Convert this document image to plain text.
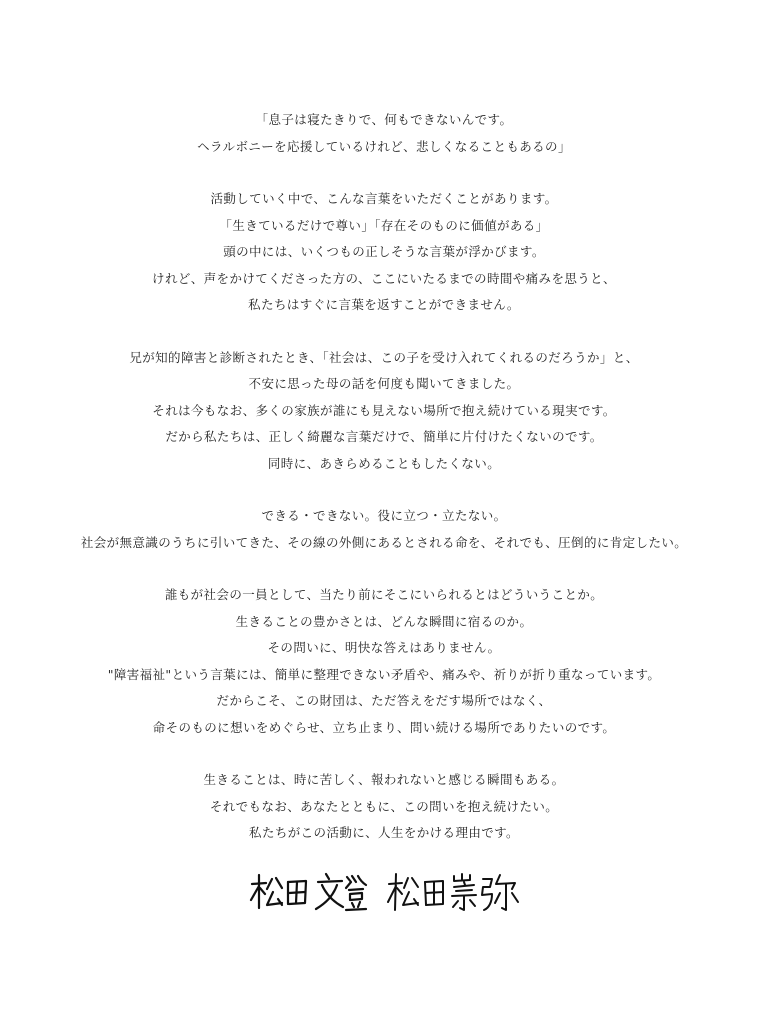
「息子は寝たきりで、何もできないんです。
ヘラルボニーを応援しているけれど、悲しくなることもあるの」
活動していく中で、こんな言葉をいただくことがあります。
「生きているだけで尊い」「存在そのものに価値がある」
頭の中には、いくつもの正しそうな言葉が浮かびます。
けれど、声をかけてくださった方の、ここにいたるまでの時間や痛みを思うと、
私たちはすぐに言葉を返すことができません。
兄が知的障害と診断されたとき、「社会は、この子を受け入れてくれるのだろうか」と、
不安に思った母の話を何度も聞いてきました。
それは今もなお、多くの家族が誰にも見えない場所で抱え続けている現実です。
だから私たちは、正しく綺麗な言葉だけで、簡単に片付けたくないのです。
同時に、あきらめることもしたくない。
できる・できない。役に立つ・立たない。
社会が無意識のうちに引いてきた、その線の外側にあるとされる命を、それでも、圧倒的に肯定したい。
誰もが社会の一員として、当たり前にそこにいられるとはどういうことか。
生きることの豊かさとは、どんな瞬間に宿るのか。
その問いに、明快な答えはありません。
"障害福祉"という言葉には、簡単に整理できない矛盾や、痛みや、祈りが折り重なっています。
だからこそ、この財団は、ただ答えをだす場所ではなく、
命そのものに想いをめぐらせ、立ち止まり、問い続ける場所でありたいのです。
生きることは、時に苦しく、報われないと感じる瞬間もある。
それでもなお、あなたとともに、この問いを抱え続けたい。
私たちがこの活動に、人生をかける理由です。
